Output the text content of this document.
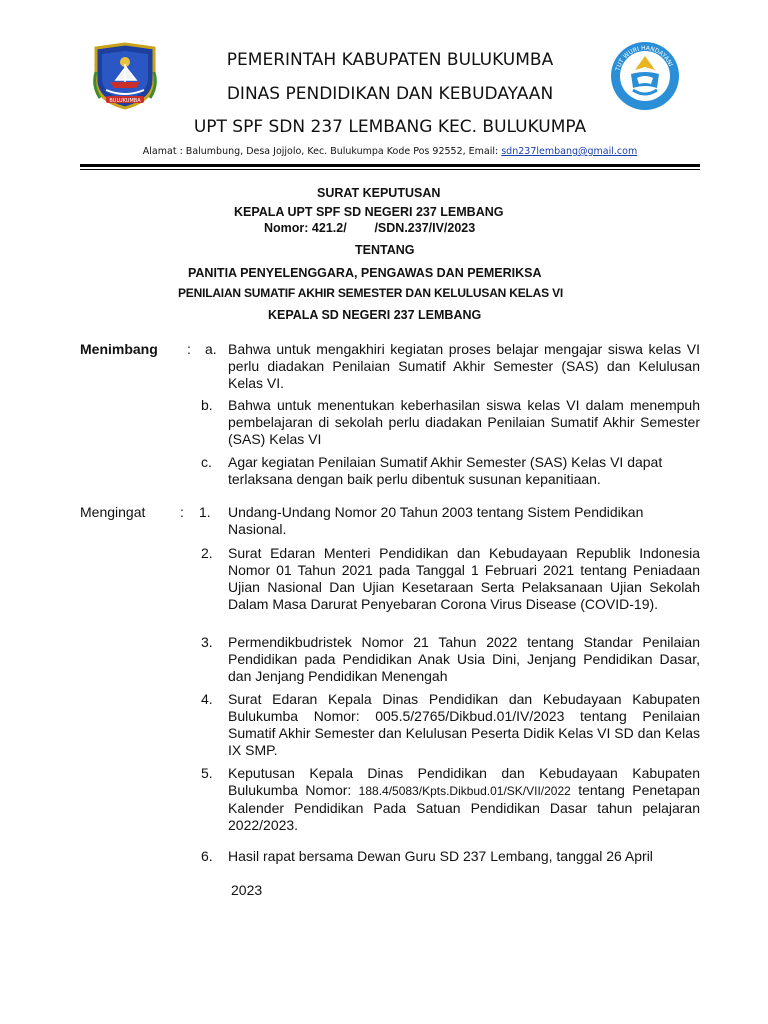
BULUKUMBA
TUT WURI HANDAYANI
PEMERINTAH KABUPATEN BULUKUMBA
DINAS PENDIDIKAN DAN KEBUDAYAAN
UPT SPF SDN 237 LEMBANG KEC. BULUKUMPA
Alamat : Balumbung, Desa Jojjolo, Kec. Bulukumpa Kode Pos 92552, Email: sdn237lembang@gmail.com
SURAT KEPUTUSAN
KEPALA UPT SPF SD NEGERI 237 LEMBANG
Nomor: 421.2/        /SDN.237/IV/2023
TENTANG
PANITIA PENYELENGGARA, PENGAWAS DAN PEMERIKSA
PENILAIAN SUMATIF AKHIR SEMESTER DAN KELULUSAN KELAS VI
KEPALA SD NEGERI 237 LEMBANG
Menimbang : a. Bahwa untuk mengakhiri kegiatan proses belajar mengajar siswa kelas VI perlu diadakan Penilaian Sumatif Akhir Semester (SAS) dan Kelulusan Kelas VI.
b. Bahwa untuk menentukan keberhasilan siswa kelas VI dalam menempuh pembelajaran di sekolah perlu diadakan Penilaian Sumatif Akhir Semester (SAS) Kelas VI
c. Agar kegiatan Penilaian Sumatif Akhir Semester (SAS) Kelas VI dapat terlaksana dengan baik perlu dibentuk susunan kepanitiaan.
Mengingat : 1. Undang-Undang Nomor 20 Tahun 2003 tentang Sistem Pendidikan Nasional.
2. Surat Edaran Menteri Pendidikan dan Kebudayaan Republik Indonesia Nomor 01 Tahun 2021 pada Tanggal 1 Februari 2021 tentang Peniadaan Ujian Nasional Dan Ujian Kesetaraan Serta Pelaksanaan Ujian Sekolah Dalam Masa Darurat Penyebaran Corona Virus Disease (COVID-19).
3. Permendikbudristek Nomor 21 Tahun 2022 tentang Standar Penilaian Pendidikan pada Pendidikan Anak Usia Dini, Jenjang Pendidikan Dasar, dan Jenjang Pendidikan Menengah
4. Surat Edaran Kepala Dinas Pendidikan dan Kebudayaan Kabupaten Bulukumba Nomor: 005.5/2765/Dikbud.01/IV/2023 tentang Penilaian Sumatif Akhir Semester dan Kelulusan Peserta Didik Kelas VI SD dan Kelas IX SMP.
5. Keputusan Kepala Dinas Pendidikan dan Kebudayaan Kabupaten Bulukumba Nomor: 188.4/5083/Kpts.Dikbud.01/SK/VII/2022 tentang Penetapan Kalender Pendidikan Pada Satuan Pendidikan Dasar tahun pelajaran 2022/2023.
6. Hasil rapat bersama Dewan Guru SD 237 Lembang, tanggal 26 April
2023
